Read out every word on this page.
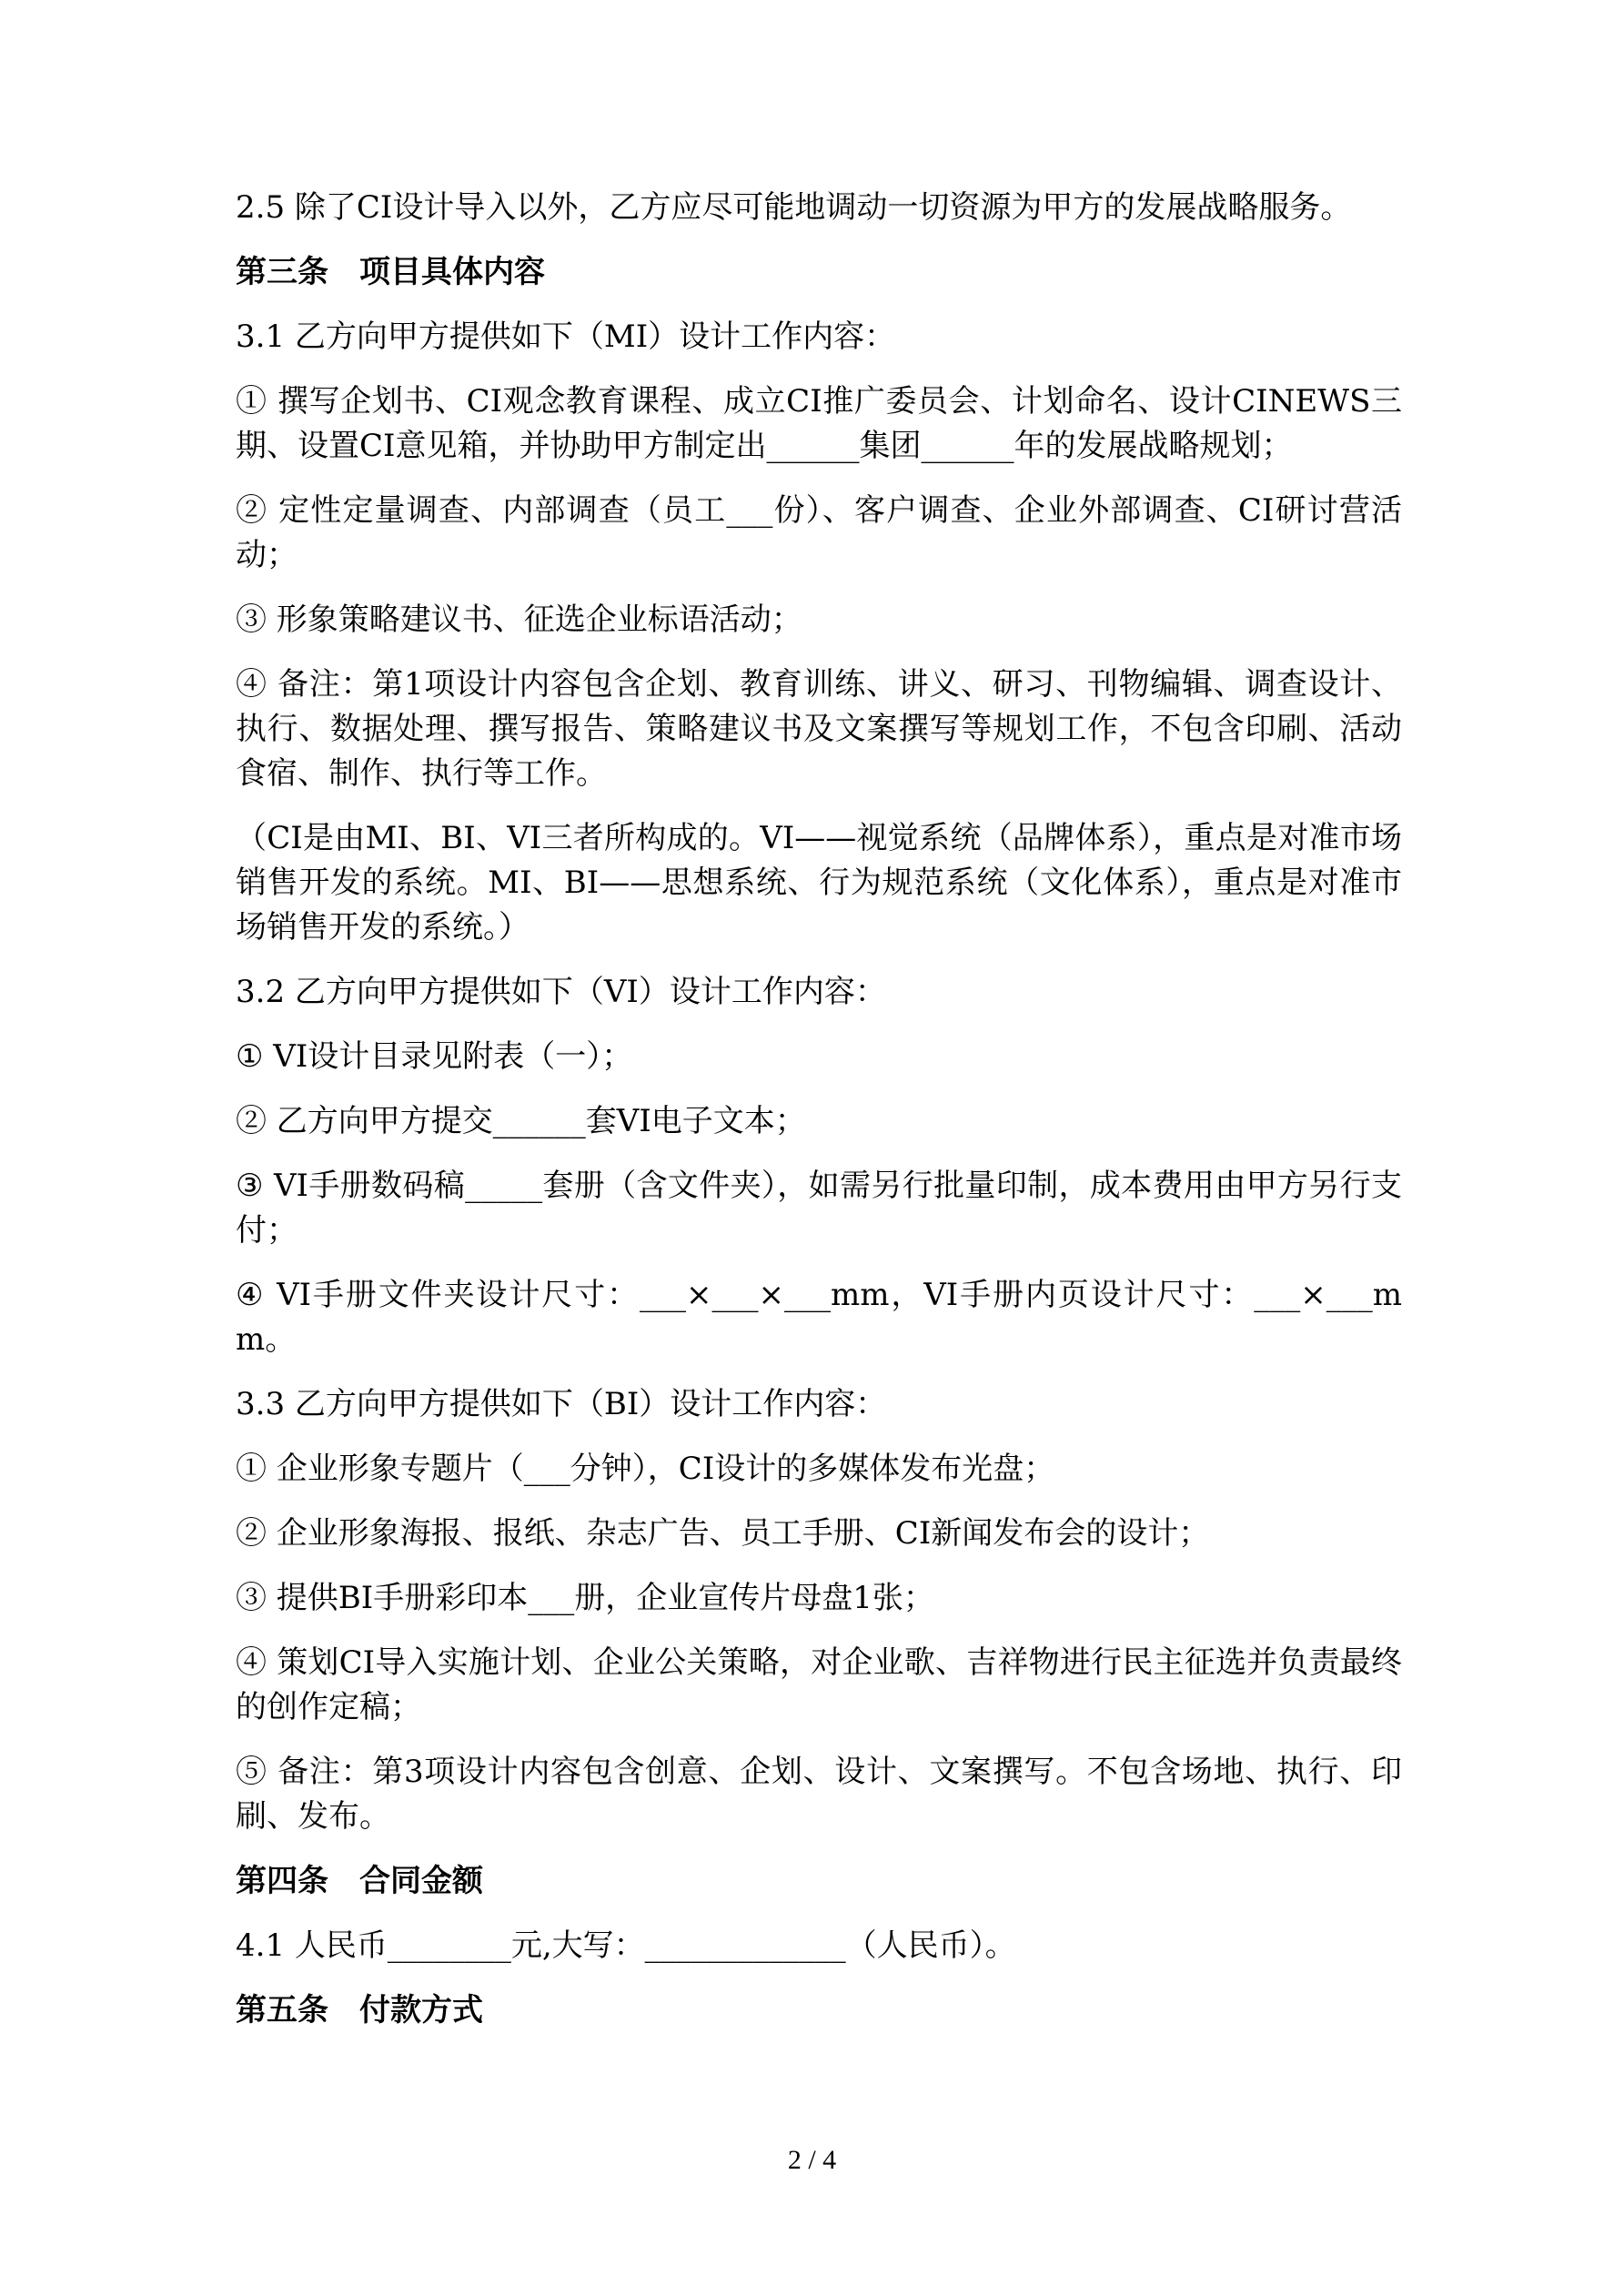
2.5 除了CI设计导入以外，乙方应尽可能地调动一切资源为甲方的发展战略服务。
第三条　项目具体内容
3.1 乙方向甲方提供如下（MI）设计工作内容：
① 撰写企划书、CI观念教育课程、成立CI推广委员会、计划命名、设计CINEWS三期、设置CI意见箱，并协助甲方制定出______集团______年的发展战略规划；
② 定性定量调查、内部调查（员工___份）、客户调查、企业外部调查、CI研讨营活动；
③ 形象策略建议书、征选企业标语活动；
④ 备注：第1项设计内容包含企划、教育训练、讲义、研习、刊物编辑、调查设计、执行、数据处理、撰写报告、策略建议书及文案撰写等规划工作，不包含印刷、活动食宿、制作、执行等工作。
（CI是由MI、BI、VI三者所构成的。VI——视觉系统（品牌体系），重点是对准市场销售开发的系统。MI、BI——思想系统、行为规范系统（文化体系），重点是对准市场销售开发的系统。）
3.2 乙方向甲方提供如下（VI）设计工作内容：
① VI设计目录见附表（一）；
② 乙方向甲方提交______套VI电子文本；
③ VI手册数码稿_____套册（含文件夹），如需另行批量印制，成本费用由甲方另行支付；
④ VI手册文件夹设计尺寸：___×___×___mm，VI手册内页设计尺寸：___×___mm。
3.3 乙方向甲方提供如下（BI）设计工作内容：
① 企业形象专题片（___分钟），CI设计的多媒体发布光盘；
② 企业形象海报、报纸、杂志广告、员工手册、CI新闻发布会的设计；
③ 提供BI手册彩印本___册，企业宣传片母盘1张；
④ 策划CI导入实施计划、企业公关策略，对企业歌、吉祥物进行民主征选并负责最终的创作定稿；
⑤ 备注：第3项设计内容包含创意、企划、设计、文案撰写。不包含场地、执行、印刷、发布。
第四条　合同金额
4.1 人民币________元,大写：_____________（人民币）。
第五条　付款方式
2 / 4
